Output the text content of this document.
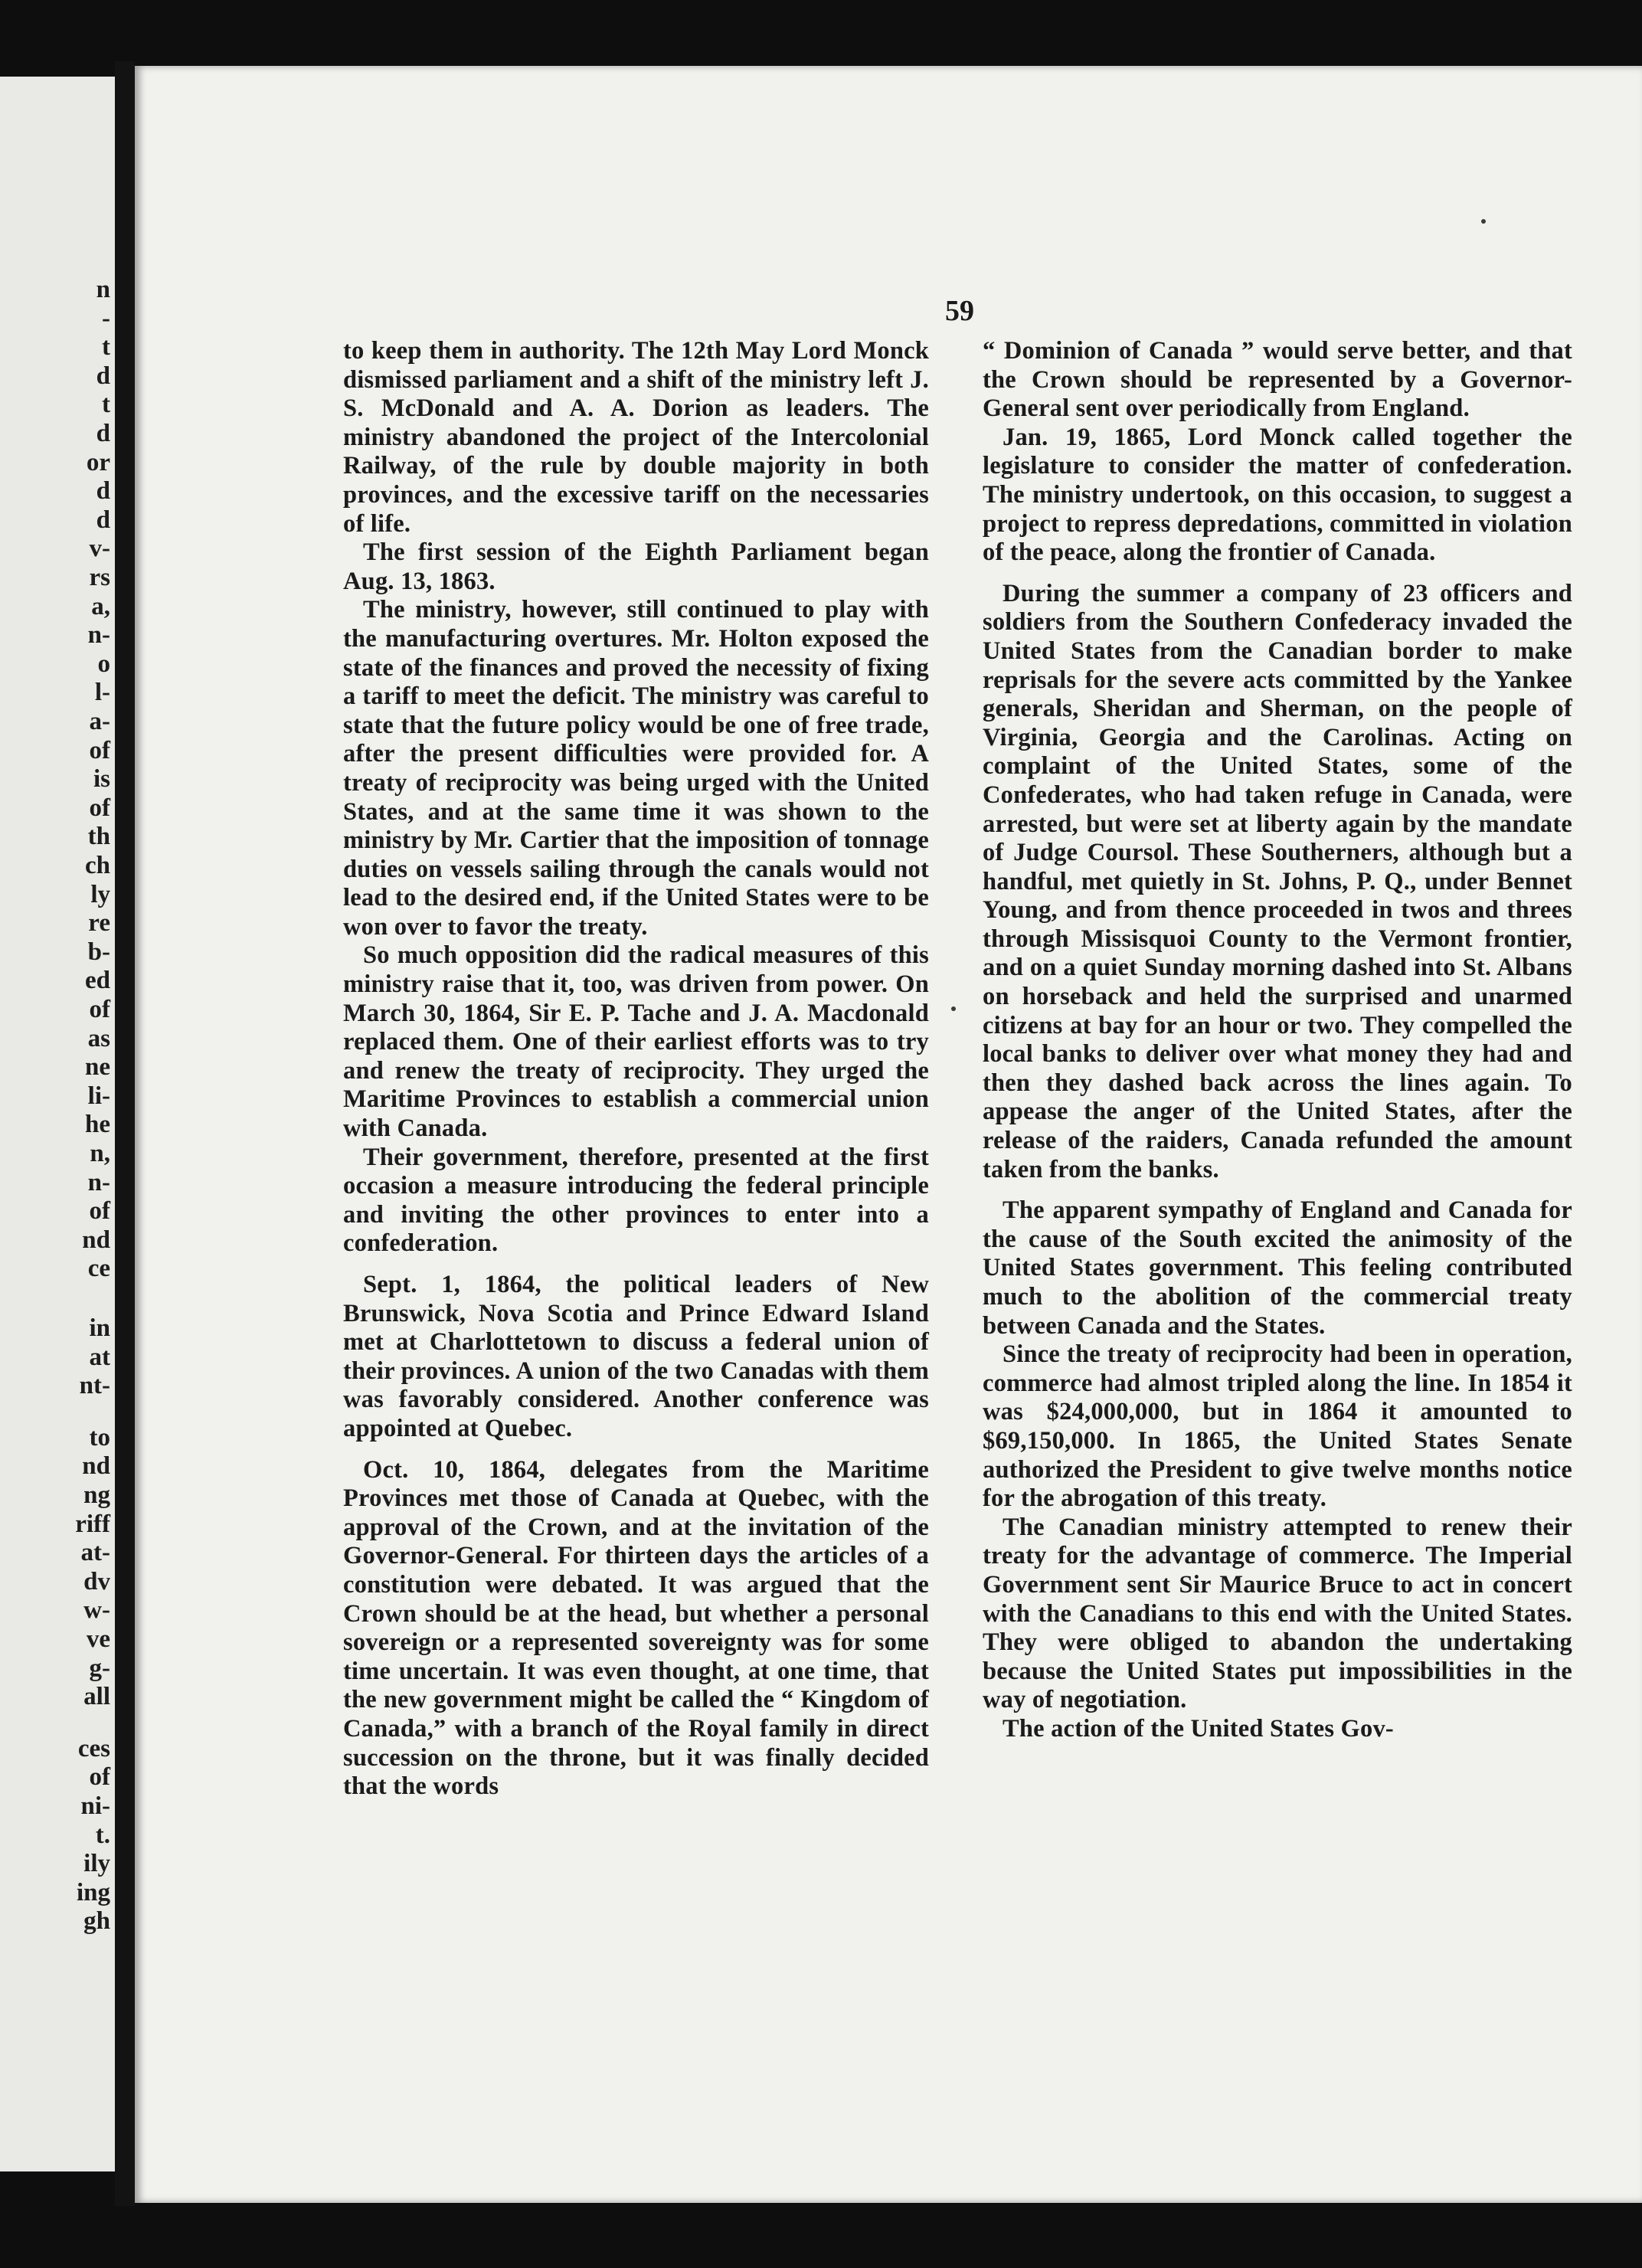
n
-
t
d
t
d
or
d
d
v-
rs
a,
n-
o
l-
a-
of
is
of
th
ch
ly
re
b-
ed
of
as
ne
li-
he
n,
n-
of
nd
ce
in
at
nt-
to
nd
ng
riff
at-
dv
w-
ve
g-
all
ces
of
ni-
t.
ily
ing
gh
59

to keep them in authority. The 12th May Lord Monck dismissed parliament and a shift of the ministry left J. S. McDonald and A. A. Dorion as leaders. The ministry abandoned the project of the Intercolonial Railway, of the rule by double majority in both provinces, and the excessive tariff on the necessaries of life.

The first session of the Eighth Parliament began Aug. 13, 1863.

The ministry, however, still continued to play with the manufacturing overtures. Mr. Holton exposed the state of the finances and proved the necessity of fixing a tariff to meet the deficit. The ministry was careful to state that the future policy would be one of free trade, after the present difficulties were provided for. A treaty of reciprocity was being urged with the United States, and at the same time it was shown to the ministry by Mr. Cartier that the imposition of tonnage duties on vessels sailing through the canals would not lead to the desired end, if the United States were to be won over to favor the treaty.

So much opposition did the radical measures of this ministry raise that it, too, was driven from power. On March 30, 1864, Sir E. P. Tache and J. A. Macdonald replaced them. One of their earliest efforts was to try and renew the treaty of reciprocity. They urged the Maritime Provinces to establish a commercial union with Canada.

Their government, therefore, presented at the first occasion a measure introducing the federal principle and inviting the other provinces to enter into a confederation.

Sept. 1, 1864, the political leaders of New Brunswick, Nova Scotia and Prince Edward Island met at Charlottetown to discuss a federal union of their provinces. A union of the two Canadas with them was favorably considered. Another conference was appointed at Quebec.

Oct. 10, 1864, delegates from the Maritime Provinces met those of Canada at Quebec, with the approval of the Crown, and at the invitation of the Governor-General. For thirteen days the articles of a constitution were debated. It was argued that the Crown should be at the head, but whether a personal sovereign or a represented sovereignty was for some time uncertain. It was even thought, at one time, that the new government might be called the “ Kingdom of Canada,” with a branch of the Royal family in direct succession on the throne, but it was finally decided that the words

“ Dominion of Canada ” would serve better, and that the Crown should be represented by a Governor-General sent over periodically from England.

Jan. 19, 1865, Lord Monck called together the legislature to consider the matter of confederation. The ministry undertook, on this occasion, to suggest a project to repress depredations, committed in violation of the peace, along the frontier of Canada.

During the summer a company of 23 officers and soldiers from the Southern Confederacy invaded the United States from the Canadian border to make reprisals for the severe acts committed by the Yankee generals, Sheridan and Sherman, on the people of Virginia, Georgia and the Carolinas. Acting on complaint of the United States, some of the Confederates, who had taken refuge in Canada, were arrested, but were set at liberty again by the mandate of Judge Coursol. These Southerners, although but a handful, met quietly in St. Johns, P. Q., under Bennet Young, and from thence proceeded in twos and threes through Missisquoi County to the Vermont frontier, and on a quiet Sunday morning dashed into St. Albans on horseback and held the surprised and unarmed citizens at bay for an hour or two. They compelled the local banks to deliver over what money they had and then they dashed back across the lines again. To appease the anger of the United States, after the release of the raiders, Canada refunded the amount taken from the banks.

The apparent sympathy of England and Canada for the cause of the South excited the animosity of the United States government. This feeling contributed much to the abolition of the commercial treaty between Canada and the States.

Since the treaty of reciprocity had been in operation, commerce had almost tripled along the line. In 1854 it was $24,000,000, but in 1864 it amounted to $69,150,000. In 1865, the United States Senate authorized the President to give twelve months notice for the abrogation of this treaty.

The Canadian ministry attempted to renew their treaty for the advantage of commerce. The Imperial Government sent Sir Maurice Bruce to act in concert with the Canadians to this end with the United States. They were obliged to abandon the undertaking because the United States put impossibilities in the way of negotiation.

The action of the United States Gov-
